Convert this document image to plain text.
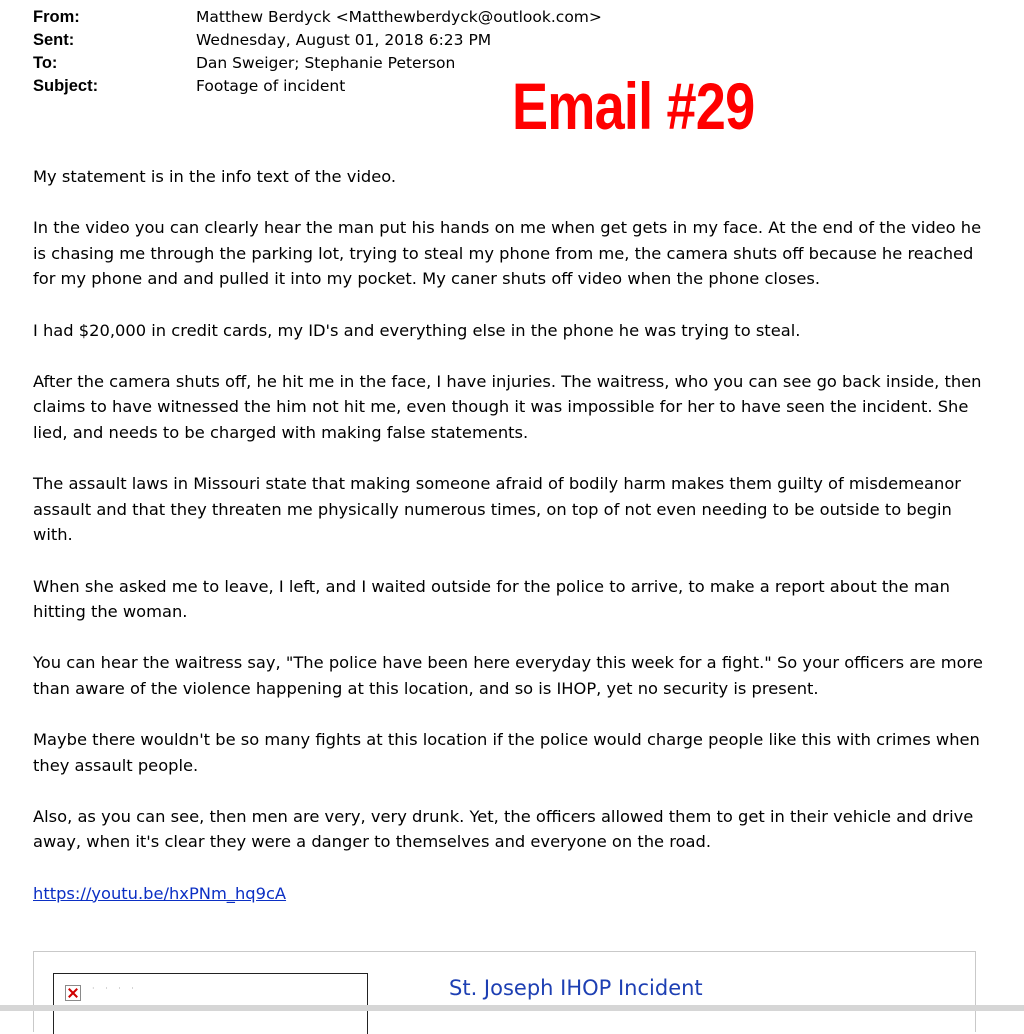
From:	Matthew Berdyck <Matthewberdyck@outlook.com>
Sent:	Wednesday, August 01, 2018 6:23 PM
To:	Dan Sweiger; Stephanie Peterson
Subject:	Footage of incident	Email #29

My statement is in the info text of the video.

In the video you can clearly hear the man put his hands on me when get gets in my face. At the end of the video he is chasing me through the parking lot, trying to steal my phone from me, the camera shuts off because he reached for my phone and and pulled it into my pocket. My caner shuts off video when the phone closes.

I had $20,000 in credit cards, my ID's and everything else in the phone he was trying to steal.

After the camera shuts off, he hit me in the face, I have injuries. The waitress, who you can see go back inside, then claims to have witnessed the him not hit me, even though it was impossible for her to have seen the incident. She lied, and needs to be charged with making false statements.

The assault laws in Missouri state that making someone afraid of bodily harm makes them guilty of misdemeanor assault and that they threaten me physically numerous times, on top of not even needing to be outside to begin with.

When she asked me to leave, I left, and I waited outside for the police to arrive, to make a report about the man hitting the woman.

You can hear the waitress say, "The police have been here everyday this week for a fight." So your officers are more than aware of the violence happening at this location, and so is IHOP, yet no security is present.

Maybe there wouldn't be so many fights at this location if the police would charge people like this with crimes when they assault people.

Also, as you can see, then men are very, very drunk. Yet, the officers allowed them to get in their vehicle and drive away, when it's clear they were a danger to themselves and everyone on the road.

https://youtu.be/hxPNm_hq9cA

· · · ·	St. Joseph IHOP Incident
